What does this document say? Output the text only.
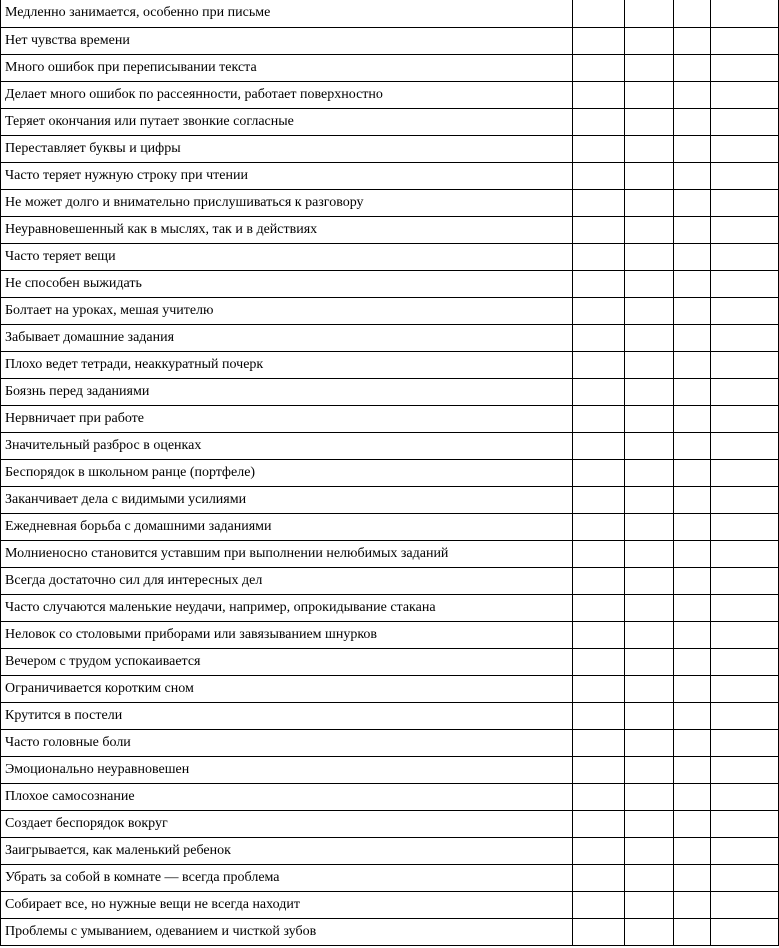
Медленно занимается, особенно при письме				
Нет чувства времени				
Много ошибок при переписывании текста				
Делает много ошибок по рассеянности, работает поверхностно				
Теряет окончания или путает звонкие согласные				
Переставляет буквы и цифры				
Часто теряет нужную строку при чтении				
Не может долго и внимательно прислушиваться к разговору				
Неуравновешенный как в мыслях, так и в действиях				
Часто теряет вещи				
Не способен выжидать				
Болтает на уроках, мешая учителю				
Забывает домашние задания				
Плохо ведет тетради, неаккуратный почерк				
Боязнь перед заданиями				
Нервничает при работе				
Значительный разброс в оценках				
Беспорядок в школьном ранце (портфеле)				
Заканчивает дела с видимыми усилиями				
Ежедневная борьба с домашними заданиями				
Молниеносно становится уставшим при выполнении нелюбимых заданий				
Всегда достаточно сил для интересных дел				
Часто случаются маленькие неудачи, например, опрокидывание стакана				
Неловок со столовыми приборами или завязыванием шнурков				
Вечером с трудом успокаивается				
Ограничивается коротким сном				
Крутится в постели				
Часто головные боли				
Эмоционально неуравновешен				
Плохое самосознание				
Создает беспорядок вокруг				
Заигрывается, как маленький ребенок				
Убрать за собой в комнате — всегда проблема				
Собирает все, но нужные вещи не всегда находит				
Проблемы с умыванием, одеванием и чисткой зубов				
